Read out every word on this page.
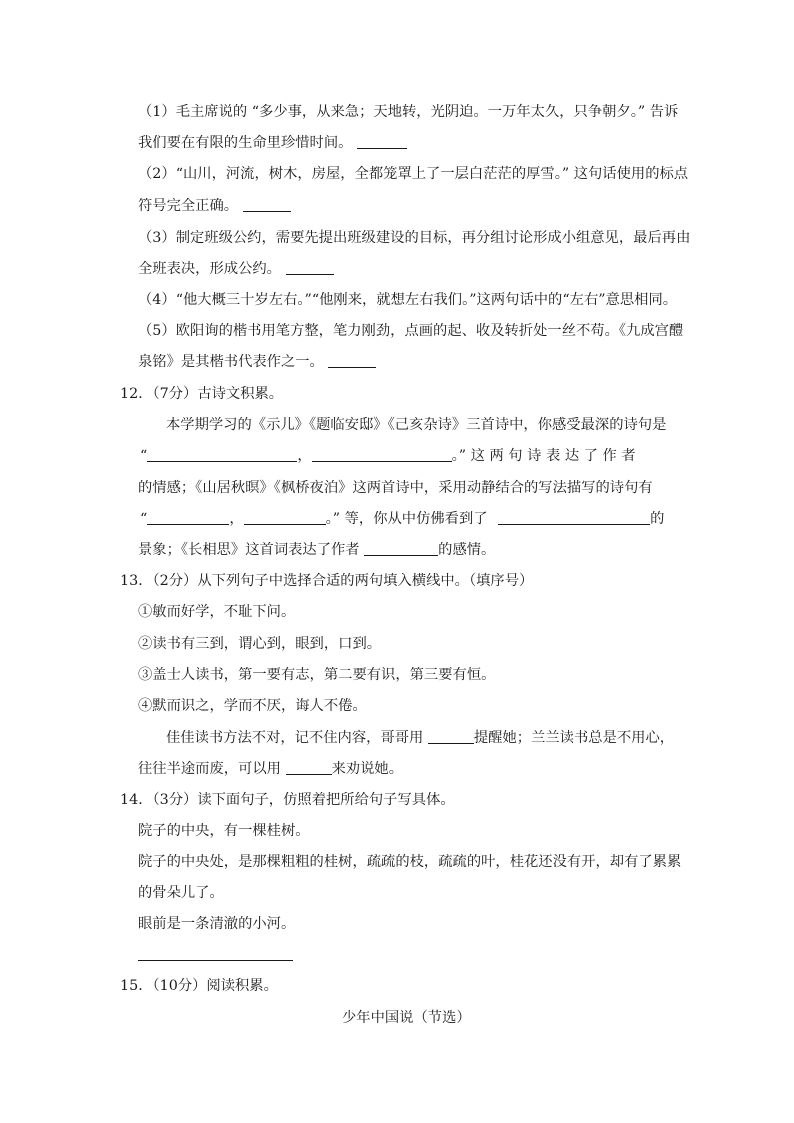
（1）毛主席说的 “多少事，从来急；天地转，光阴迫。一万年太久，只争朝夕。” 告诉
我们要在有限的生命里珍惜时间。
（2）“山川，河流，树木，房屋，全都笼罩上了一层白茫茫的厚雪。” 这句话使用的标点
符号完全正确。
（3）制定班级公约，需要先提出班级建设的目标，再分组讨论形成小组意见，最后再由
全班表决，形成公约。
（4）“他大概三十岁左右。”“他刚来，就想左右我们。”这两句话中的“左右”意思相同。
（5）欧阳询的楷书用笔方整，笔力刚劲，点画的起、收及转折处一丝不苟。《九成宫醴
泉铭》是其楷书代表作之一。
12．（7分）古诗文积累。
本学期学习的《示儿》《题临安邸》《己亥杂诗》三首诗中，你感受最深的诗句是
“	，	。” 这 两 句 诗 表 达 了 作 者
的情感；《山居秋暝》《枫桥夜泊》这两首诗中，采用动静结合的写法描写的诗句有
“	，	。” 等，你从中仿佛看到了	的
景象；《长相思》这首词表达了作者	的感情。
13．（2分）从下列句子中选择合适的两句填入横线中。（填序号）
①敏而好学，不耻下问。
②读书有三到，谓心到，眼到，口到。
③盖士人读书，第一要有志，第二要有识，第三要有恒。
④默而识之，学而不厌，诲人不倦。
佳佳读书方法不对，记不住内容，哥哥用	提醒她；兰兰读书总是不用心，
往往半途而废，可以用	来劝说她。
14．（3分）读下面句子，仿照着把所给句子写具体。
院子的中央，有一棵桂树。
院子的中央处，是那棵粗粗的桂树，疏疏的枝，疏疏的叶，桂花还没有开，却有了累累
的骨朵儿了。
眼前是一条清澈的小河。
15．（10分）阅读积累。
少年中国说（节选）
